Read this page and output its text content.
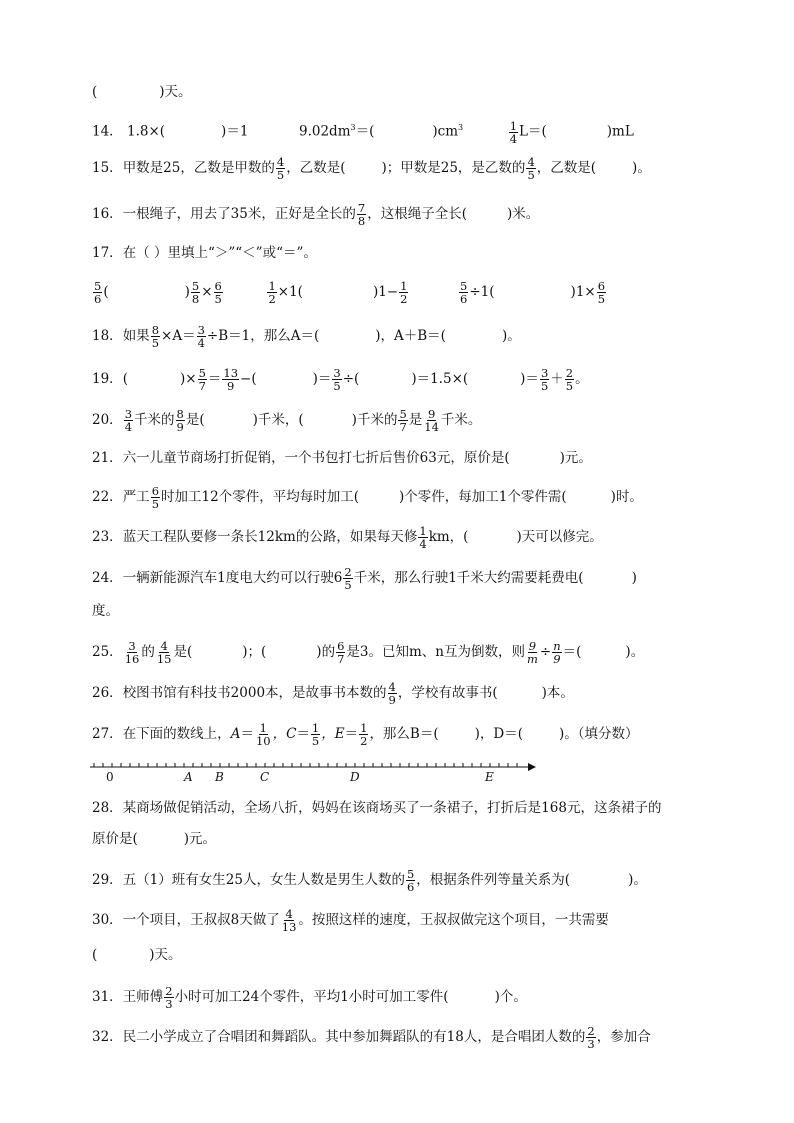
(	)天。
14． 1.8×(	)＝1	$9.02dm^3=$(	)$cm^3$	$\frac{1}{4} L=$(	)mL
15．甲数是25，乙数是甲数的 $\frac{4}{5}$ ，乙数是(	)；甲数是25，是乙数的 $\frac{4}{5}$ ，乙数是(	)。
16．一根绳子，用去了35米，正好是全长的 $\frac{7}{8}$ ，这根绳子全长(	)米。
17．在（ ）里填上“＞”“＜”或“＝”。
$\frac{5}{6}$ (	) $\frac{5}{8} \times \frac{6}{5}$
	$\frac{1}{2} \times 1$(	)$1- \frac{1}{2}$
	$\frac{5}{6} \div 1$(	)$1\times \frac{6}{5}$
18．如果 $\frac{8}{5} \times A= \frac{3}{4} \div B=1$，那么A＝(	)，A＋B＝(	)。
19．(	)× $\frac{5}{7} = \frac{13}{9}$ −(	)＝ $\frac{3}{5}$ ÷(	)＝1.5×(	)＝ $\frac{3}{5} + \frac{2}{5}$ 。
20． $\frac{3}{4}$ 千米的 $\frac{8}{9}$ 是(	)千米，(	)千米的 $\frac{5}{7}$ 是 $\frac{9}{14}$ 千米。
21．六一儿童节商场打折促销，一个书包打七折后售价63元，原价是(	)元。
22．严工 $\frac{6}{5}$ 时加工12个零件，平均每时加工(	)个零件，每加工1个零件需(	)时。
23．蓝天工程队要修一条长12km的公路，如果每天修 $\frac{1}{4}$ km，(	)天可以修完。
24．一辆新能源汽车1度电大约可以行驶$6 \frac{2}{5}$ 千米，那么行驶1千米大约需要耗费电(	)
度。
25． $\frac{3}{16}$ 的 $\frac{4}{15}$ 是(	)；(	)的 $\frac{6}{7}$ 是3。已知m、n互为倒数，则 $\frac{9}{m} \div \frac{n}{9}$ ＝(	)。
26．校图书馆有科技书2000本，是故事书本数的 $\frac{4}{9}$ ，学校有故事书(	)本。
27．在下面的数线上，$A= \frac{1}{10}$ ，$C= \frac{1}{5}$ ，$E= \frac{1}{2}$ ，那么B＝(	)，D＝(	)。（填分数）
0	A B	C	D	E
28．某商场做促销活动，全场八折，妈妈在该商场买了一条裙子，打折后是168元，这条裙子的
原价是(	)元。
29．五（1）班有女生25人，女生人数是男生人数的 $\frac{5}{6}$ ，根据条件列等量关系为(	)。
30．一个项目，王叔叔8天做了 $\frac{4}{13}$ 。按照这样的速度，王叔叔做完这个项目，一共需要
(	)天。
31．王师傅 $\frac{2}{3}$ 小时可加工24个零件，平均1小时可加工零件(	)个。
32．民二小学成立了合唱团和舞蹈队。其中参加舞蹈队的有18人，是合唱团人数的 $\frac{2}{3}$ ，参加合
